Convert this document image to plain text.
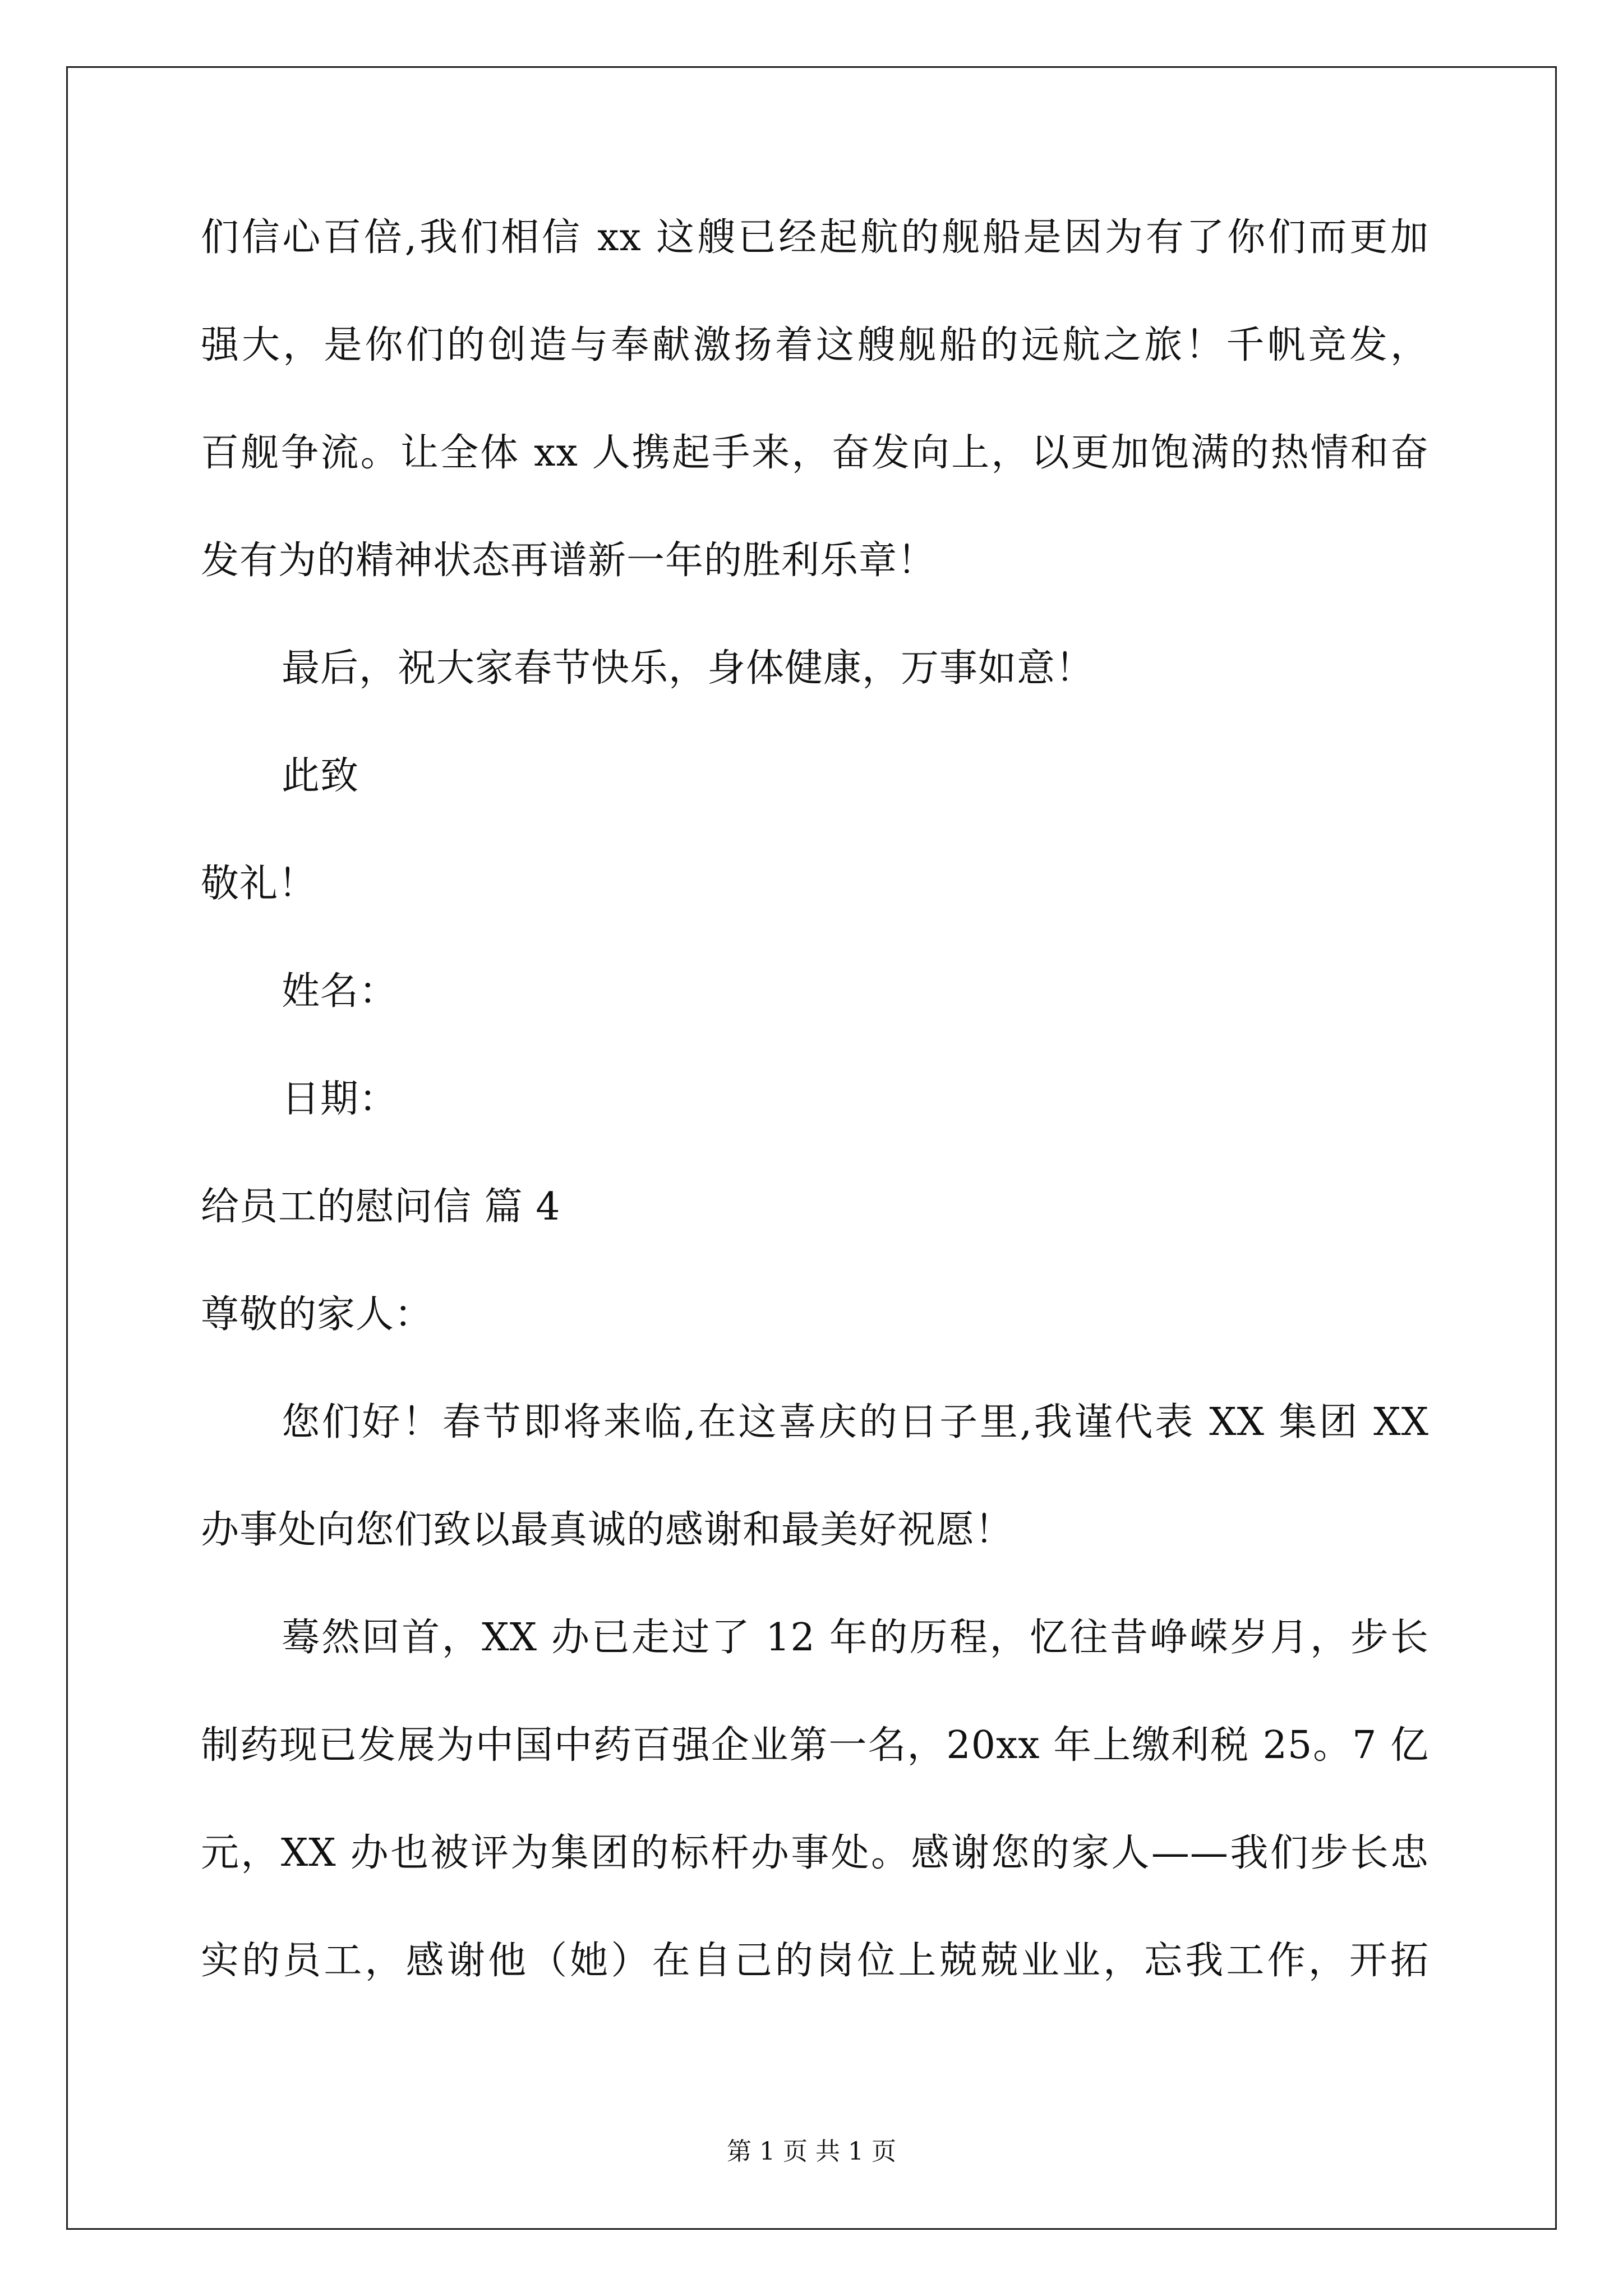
们信心百倍,我们相信 xx 这艘已经起航的舰船是因为有了你们而更加
强大，是你们的创造与奉献激扬着这艘舰船的远航之旅！千帆竞发，
百舰争流。让全体 xx 人携起手来，奋发向上，以更加饱满的热情和奋
发有为的精神状态再谱新一年的胜利乐章！
最后，祝大家春节快乐，身体健康，万事如意！
此致
敬礼！
姓名：
日期：
给员工的慰问信 篇 4
尊敬的家人：
您们好！春节即将来临,在这喜庆的日子里,我谨代表 XX 集团 XX
办事处向您们致以最真诚的感谢和最美好祝愿！
蓦然回首，XX 办已走过了 12 年的历程，忆往昔峥嵘岁月，步长
制药现已发展为中国中药百强企业第一名，20xx 年上缴利税 25。7 亿
元，XX 办也被评为集团的标杆办事处。感谢您的家人——我们步长忠
实的员工，感谢他（她）在自己的岗位上兢兢业业，忘我工作，开拓
第 1 页 共 1 页
